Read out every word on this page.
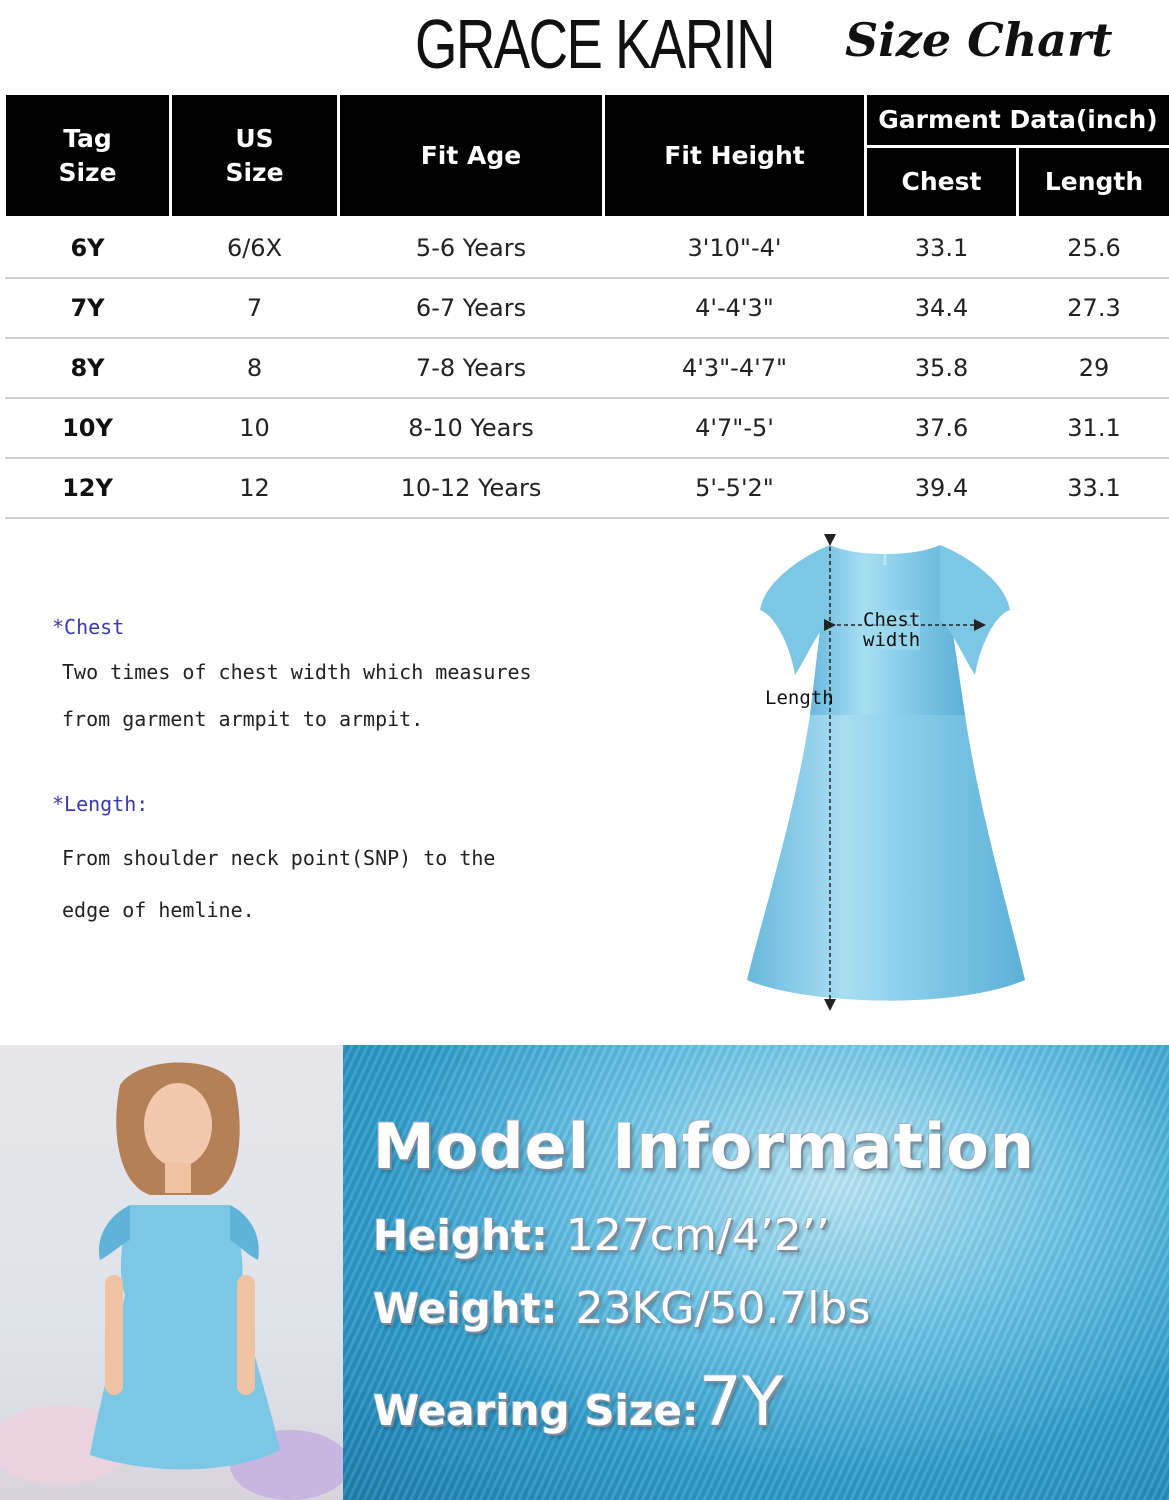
GRACE KARIN Size Chart
Tag Size	US Size	Fit Age	Fit Height	Garment Data(inch)	
				Chest	Length
6Y	6/6X	5-6 Years	3'10"-4'	33.1	25.6
7Y	7	6-7 Years	4'-4'3"	34.4	27.3
8Y	8	7-8 Years	4'3"-4'7"	35.8	29
10Y	10	8-10 Years	4'7"-5'	37.6	31.1
12Y	12	10-12 Years	5'-5'2"	39.4	33.1

*Chest

Two times of chest width which measures

from garment armpit to armpit.

*Length:

From shoulder neck point(SNP) to the

edge of hemline.

Chest
width
Length
Model Information
Height: 127cm/4’2’’
Weight: 23KG/50.7lbs
Wearing Size:7Y
